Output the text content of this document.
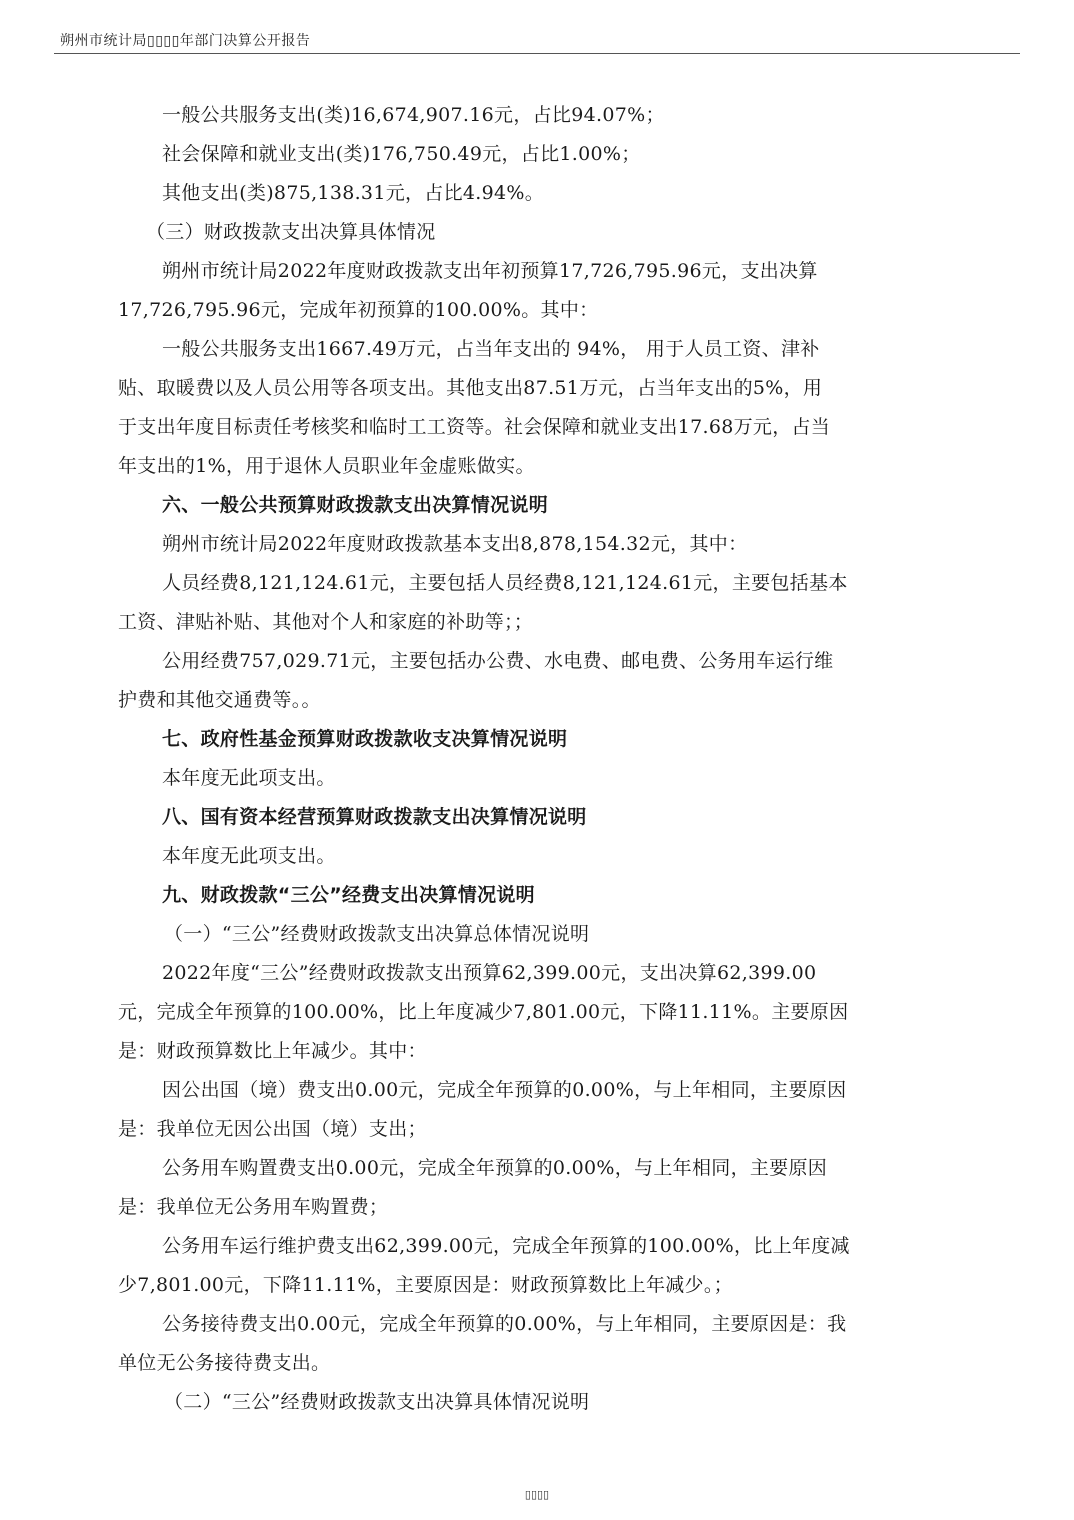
朔州市统计局▯▯▯▯年部门决算公开报告
一般公共服务支出(类)16,674,907.16元，占比94.07%；
社会保障和就业支出(类)176,750.49元，占比1.00%；
其他支出(类)875,138.31元，占比4.94%。
（三）财政拨款支出决算具体情况
朔州市统计局2022年度财政拨款支出年初预算17,726,795.96元，支出决算
17,726,795.96元，完成年初预算的100.00%。其中：
一般公共服务支出1667.49万元，占当年支出的 94%， 用于人员工资、津补
贴、取暖费以及人员公用等各项支出。其他支出87.51万元，占当年支出的5%，用
于支出年度目标责任考核奖和临时工工资等。社会保障和就业支出17.68万元，占当
年支出的1%，用于退休人员职业年金虚账做实。
六、一般公共预算财政拨款支出决算情况说明
朔州市统计局2022年度财政拨款基本支出8,878,154.32元，其中：
人员经费8,121,124.61元，主要包括人员经费8,121,124.61元，主要包括基本
工资、津贴补贴、其他对个人和家庭的补助等；；
公用经费757,029.71元，主要包括办公费、水电费、邮电费、公务用车运行维
护费和其他交通费等。。
七、政府性基金预算财政拨款收支决算情况说明
本年度无此项支出。
八、国有资本经营预算财政拨款支出决算情况说明
本年度无此项支出。
九、财政拨款“三公”经费支出决算情况说明
（一）“三公”经费财政拨款支出决算总体情况说明
2022年度“三公”经费财政拨款支出预算62,399.00元，支出决算62,399.00
元，完成全年预算的100.00%，比上年度减少7,801.00元，下降11.11%。主要原因
是：财政预算数比上年减少。其中：
因公出国（境）费支出0.00元，完成全年预算的0.00%，与上年相同，主要原因
是：我单位无因公出国（境）支出；
公务用车购置费支出0.00元，完成全年预算的0.00%，与上年相同，主要原因
是：我单位无公务用车购置费；
公务用车运行维护费支出62,399.00元，完成全年预算的100.00%，比上年度减
少7,801.00元，下降11.11%，主要原因是：财政预算数比上年减少。；
公务接待费支出0.00元，完成全年预算的0.00%，与上年相同，主要原因是：我
单位无公务接待费支出。
（二）“三公”经费财政拨款支出决算具体情况说明
▯▯▯▯
